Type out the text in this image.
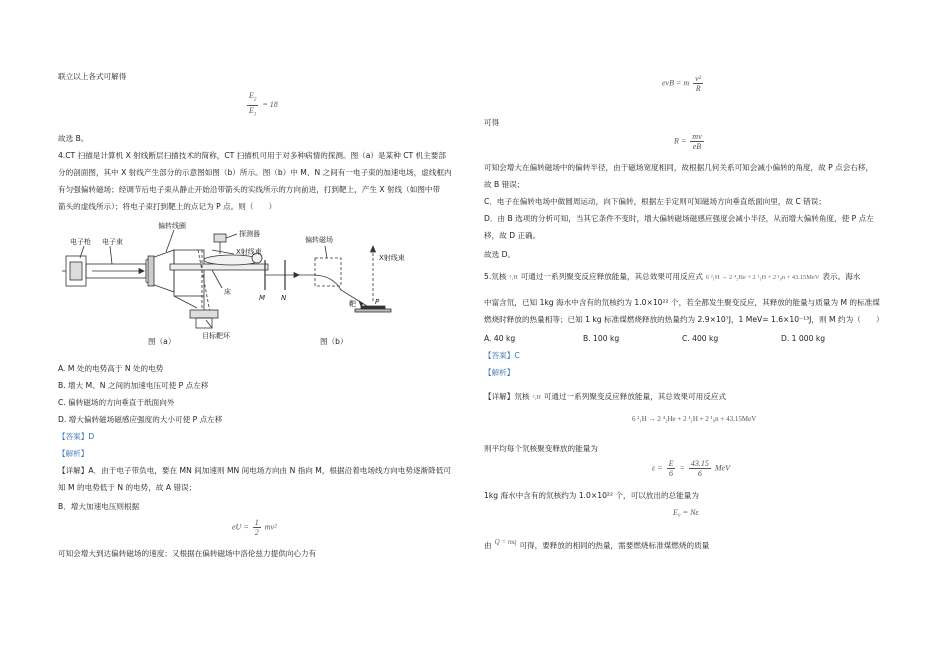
联立以上各式可解得
$\frac{E_2}{E_1} = 18$
故选 B。
4.CT 扫描是计算机 X 射线断层扫描技术的简称，CT 扫描机可用于对多种病情的探测。图（a）是某种 CT 机主要部
分的剖面图，其中 X 射线产生部分的示意图如图（b）所示。图（b）中 M、N 之间有一电子束的加速电场，虚线框内
有匀强偏转磁场；经调节后电子束从静止开始沿带箭头的实线所示的方向前进，打到靶上，产生 X 射线（如图中带
箭头的虚线所示）；将电子束打到靶上的点记为 P 点。则（　　）
偏转线圈
探测器
X射线束
电子枪 电子束
床
目标靶环
图（a）
偏转磁场
X射线束
M N
靶	P
图（b）
A. M 处的电势高于 N 处的电势
B. 增大 M、N 之间的加速电压可使 P 点左移
C. 偏转磁场的方向垂直于纸面向外
D. 增大偏转磁场磁感应强度的大小可使 P 点左移
【答案】D
【解析】
【详解】A．由于电子带负电，要在 MN 间加速则 MN 间电场方向由 N 指向 M，根据沿着电场线方向电势逐渐降低可
知 M 的电势低于 N 的电势，故 A 错误；
B．增大加速电压则根据
eU = $\frac{1}{2} mv^2$
可知会增大到达偏转磁场的速度；又根据在偏转磁场中洛伦兹力提供向心力有
evB = m $\frac{\text{v²}}{R}$
可得
$R = \frac{mv}{eB}$
可知会增大在偏转磁场中的偏转半径，由于磁场宽度相同，故根据几何关系可知会减小偏转的角度，故 P 点会右移，
故 B 错误；
C．电子在偏转电场中做圆周运动，向下偏转，根据左手定则可知磁场方向垂直纸面向里，故 C 错误；
D．由 B 选项的分析可知，当其它条件不变时，增大偏转磁场磁感应强度会减小半径，从而增大偏转角度，使 P 点左
移，故 D 正确。
故选 D。
5.氘核 ²₁H 可通过一系列聚变反应释放能量，其总效果可用反应式 6 ²₁H → 2 ⁴₂He + 2 ¹₁H + 2 ¹₀n + 43.15MeV 表示。海水
中富含氘，已知 1kg 海水中含有的氘核约为 1.0×10²² 个，若全都发生聚变反应，其释放的能量与质量为 M 的标准煤
燃烧时释放的热量相等；已知 1 kg 标准煤燃烧释放的热量约为 2.9×10⁷J，1 MeV= 1.6×10⁻¹³J，则 M 约为（　　）
A. 40 kg	B. 100 kg	C. 400 kg	D. 1 000 kg
【答案】C
【解析】
【详解】氘核 ²₁H 可通过一系列聚变反应释放能量，其总效果可用反应式
6 ²₁H → 2 ⁴₂He + 2 ¹₁H + 2 ¹₀n + 43.15MeV
则平均每个氘核聚变释放的能量为
$\varepsilon = \frac{E}{6} = \frac{43.15}{6}$ MeV
1kg 海水中含有的氘核约为 1.0×10²² 个，可以放出的总能量为
E₀ = Nε
由 Q = mq 可得，要释放的相同的热量，需要燃烧标准煤燃烧的质量
